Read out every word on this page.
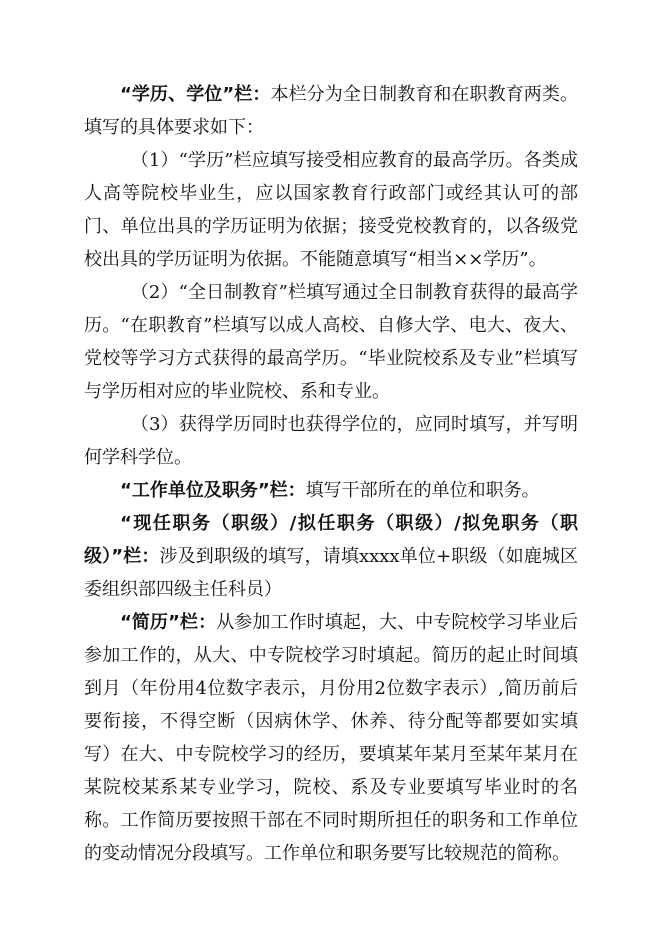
“学历、学位”栏：本栏分为全日制教育和在职教育两类。填写的具体要求如下：

（1）“学历”栏应填写接受相应教育的最高学历。各类成人高等院校毕业生，应以国家教育行政部门或经其认可的部门、单位出具的学历证明为依据；接受党校教育的，以各级党校出具的学历证明为依据。不能随意填写“相当××学历”。

（2）“全日制教育”栏填写通过全日制教育获得的最高学历。“在职教育”栏填写以成人高校、自修大学、电大、夜大、党校等学习方式获得的最高学历。“毕业院校系及专业”栏填写与学历相对应的毕业院校、系和专业。

（3）获得学历同时也获得学位的，应同时填写，并写明何学科学位。

“工作单位及职务”栏：填写干部所在的单位和职务。

“现任职务（职级）/拟任职务（职级）/拟免职务（职级）”栏：涉及到职级的填写，请填xxxx单位+职级（如鹿城区委组织部四级主任科员）

“简历”栏：从参加工作时填起，大、中专院校学习毕业后参加工作的，从大、中专院校学习时填起。简历的起止时间填到月（年份用4位数字表示，月份用2位数字表示）,简历前后要衔接，不得空断（因病休学、休养、待分配等都要如实填写）在大、中专院校学习的经历，要填某年某月至某年某月在某院校某系某专业学习，院校、系及专业要填写毕业时的名称。工作简历要按照干部在不同时期所担任的职务和工作单位的变动情况分段填写。工作单位和职务要写比较规范的简称。
